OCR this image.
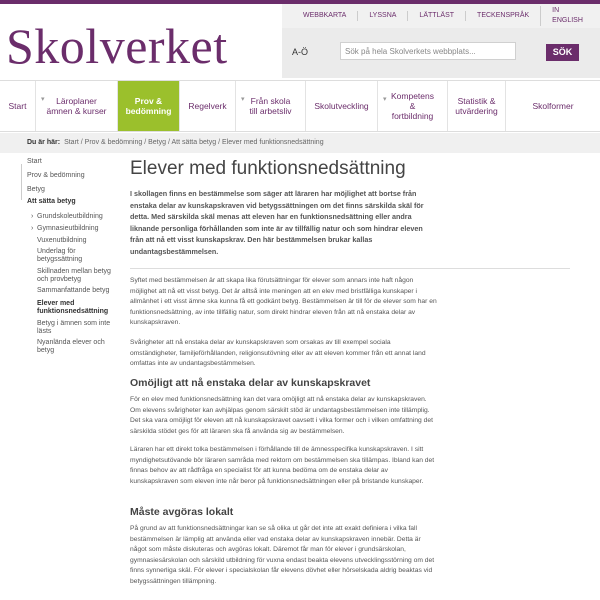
Skolverket
WEBBKARTA	LYSSNA	LÄTTLÄST	TECKENSPRÅK
IN ENGLISH
A-Ö	Sök på hela Skolverkets webbplats...	SÖK
Start
▾	Läroplaner ämnen & kurser
Prov & bedömning Regelverk
▾ Från skola till arbetsliv	Skolutveckling
▾ Kompetens & fortbildning
Statistik & utvärdering	Skolformer
Du är här: Start / Prov & bedömning / Betyg / Att sätta betyg / Elever med funktionsnedsättning
Start
Prov & bedömning
Betyg
Att sätta betyg
› Grundskoleutbildning
› Gymnasieutbildning
Vuxenutbildning
Underlag för betygssättning
Skillnaden mellan betyg och provbetyg
Sammanfattande betyg
Elever med funktionsnedsättning
Betyg i ämnen som inte lästs
Nyanlända elever och betyg
Elever med funktionsnedsättning
I skollagen finns en bestämmelse som säger att läraren har möjlighet att bortse från enstaka delar av kunskapskraven vid betygssättningen om det finns särskilda skäl för detta. Med särskilda skäl menas att eleven har en funktionsnedsättning eller andra liknande personliga förhållanden som inte är av tillfällig natur och som hindrar eleven från att nå ett visst kunskapskrav. Den här bestämmelsen brukar kallas undantagsbestämmelsen.
Syftet med bestämmelsen är att skapa lika förutsättningar för elever som annars inte haft någon möjlighet att nå ett visst betyg. Det är alltså inte meningen att en elev med bristfälliga kunskaper i allmänhet i ett visst ämne ska kunna få ett godkänt betyg. Bestämmelsen är till för de elever som har en funktionsnedsättning, av inte tillfällig natur, som direkt hindrar eleven från att nå enstaka delar av kunskapskraven.
Svårigheter att nå enstaka delar av kunskapskraven som orsakas av till exempel sociala omständigheter, familjeförhållanden, religionsutövning eller av att eleven kommer från ett annat land omfattas inte av undantagsbestämmelsen.
Omöjligt att nå enstaka delar av kunskapskravet
För en elev med funktionsnedsättning kan det vara omöjligt att nå enstaka delar av kunskapskraven. Om elevens svårigheter kan avhjälpas genom särskilt stöd är undantagsbestämmelsen inte tillämplig. Det ska vara omöjligt för eleven att nå kunskapskravet oavsett i vilka former och i vilken omfattning det särskilda stödet ges för att läraren ska få använda sig av bestämmelsen.
Läraren har ett direkt tolka bestämmelsen i förhållande till de ämnesspecifika kunskapskraven. I sitt myndighetsutövande bör läraren samråda med rektorn om bestämmelsen ska tillämpas. Ibland kan det finnas behov av att rådfråga en specialist för att kunna bedöma om de enstaka delar av kunskapskraven som eleven inte når beror på funktionsnedsättningen eller på bristande kunskaper.
Måste avgöras lokalt
På grund av att funktionsnedsättningar kan se så olika ut går det inte att exakt definiera i vilka fall bestämmelsen är lämplig att använda eller vad enstaka delar av kunskapskraven innebär. Detta är något som måste diskuteras och avgöras lokalt. Däremot får man för elever i grundsärskolan, gymnasiesärskolan och särskild utbildning för vuxna endast beakta elevens utvecklingsstörning om det finns synnerliga skäl. För elever i specialskolan får elevens dövhet eller hörselskada aldrig beaktas vid betygssättningen tillämpning.
